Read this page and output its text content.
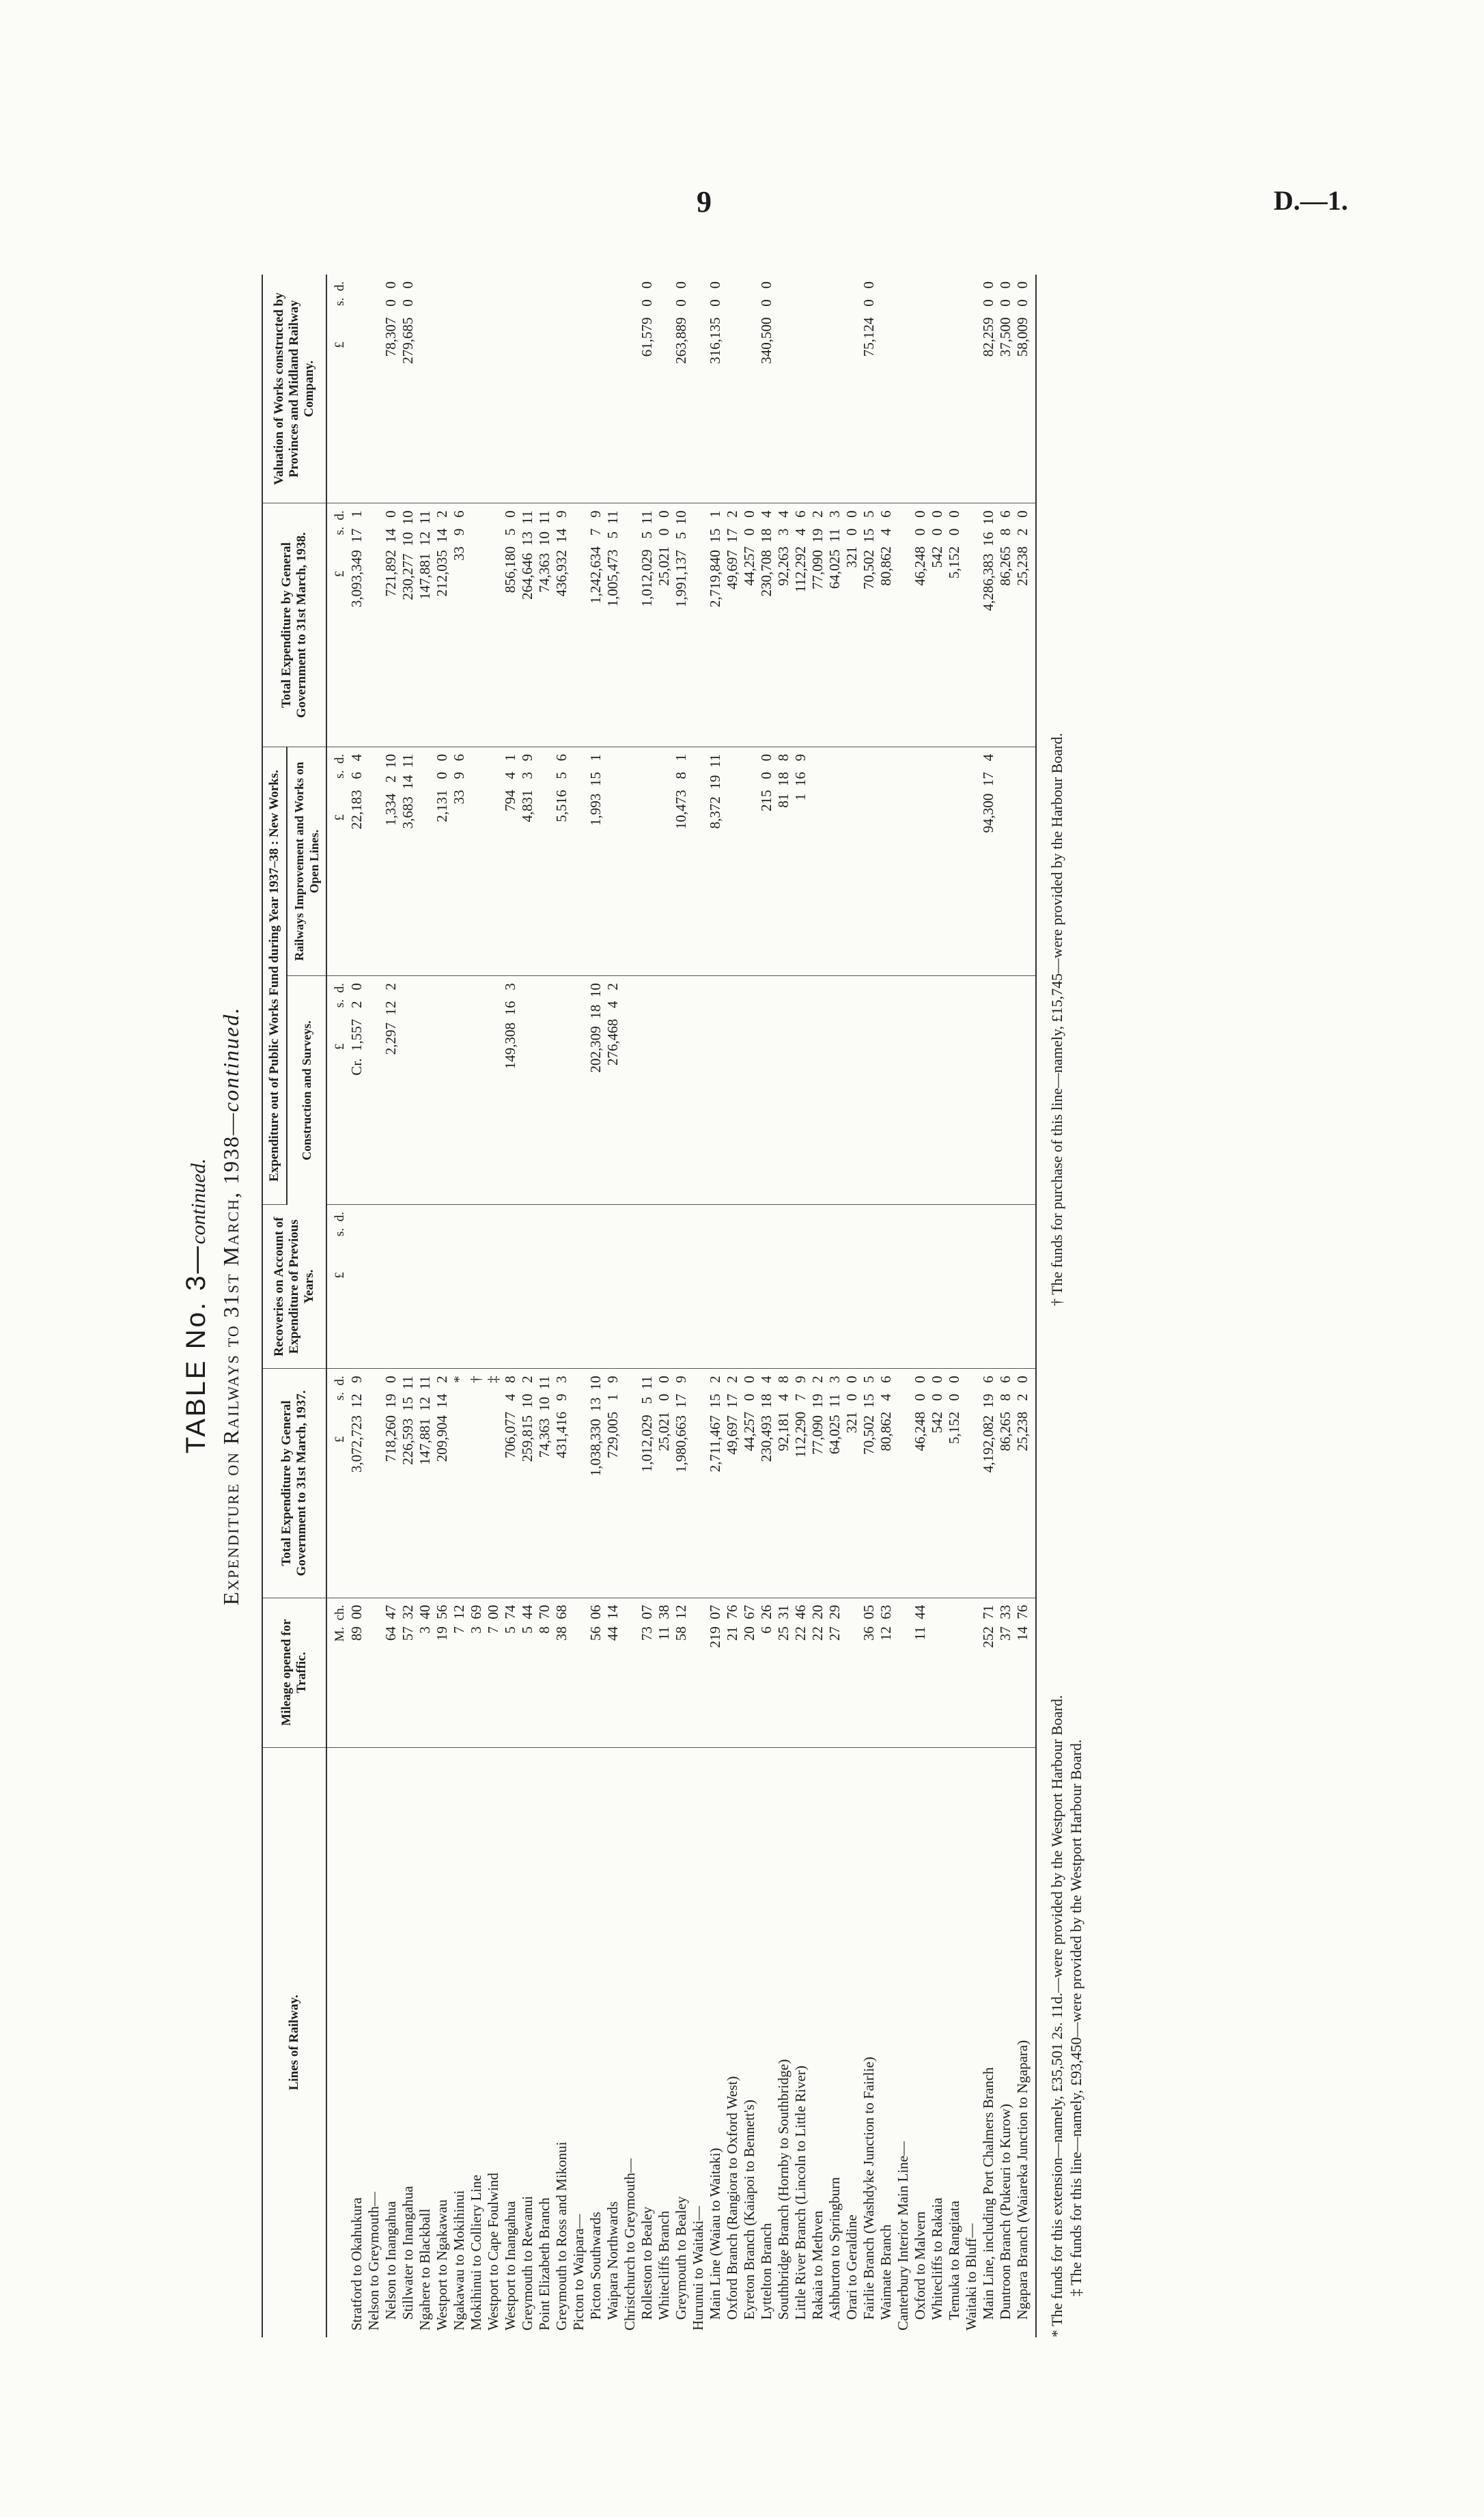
9	D.—1.
TABLE No. 3—continued. Expenditure on Railways to 31st March, 1938—continued.
Lines of Railway.	Mileage opened for Traffic.	Total Expenditure by General Government to 31st March, 1937.	Recoveries on Account of Expenditure of Previous Years.	Expenditure out of Public Works Fund during Year 1937–38 : New Works.		Total Expenditure by General Government to 31st March, 1938.	Valuation of Works constructed by Provinces and Midland Railway Company.
				Construction and Surveys.	Railways Improvement and Works on Open Lines.		
	M.  ch.	£           s.  d.	£           s.  d.	£           s.  d.	£           s.  d.	£           s.  d.	£           s.  d.
Stratford to Okahukura	89  00	3,072,723  12   9		Cr.  1,557   2   0	22,183   6   4	3,093,349  17   1	
Nelson to Greymouth—							
Nelson to Inangahua	64  47	718,260  19   0		2,297  12   2	1,334   2  10	721,892  14   0	78,307   0   0
Stillwater to Inangahua	57  32	226,593  15  11			3,683  14  11	230,277  10  10	279,685   0   0
Ngahere to Blackball	3  40	147,881  12  11				147,881  12  11	
Westport to Ngakawau	19  56	209,904  14   2			2,131   0   0	212,035  14   2	
Ngakawau to Mokihinui	7  12	*			33   9   6	33   9   6	
Mokihinui to Colliery Line	3  69	†					
Westport to Cape Foulwind	7  00	‡					
Westport to Inangahua	5  74	706,077   4   8		149,308  16   3	794   4   1	856,180   5   0	
Greymouth to Rewanui	5  44	259,815  10   2			4,831   3   9	264,646  13  11	
Point Elizabeth Branch	8  70	74,363  10  11				74,363  10  11	
Greymouth to Ross and Mikonui	38  68	431,416   9   3			5,516   5   6	436,932  14   9	
Picton to Waipara—							
Picton Southwards	56  06	1,038,330  13  10		202,309  18  10	1,993  15   1	1,242,634   7   9	
Waipara Northwards	44  14	729,005   1   9		276,468   4   2		1,005,473   5  11	
Christchurch to Greymouth—							
Rolleston to Bealey	73  07	1,012,029   5  11				1,012,029   5  11	61,579   0   0
Whitecliffs Branch	11  38	25,021   0   0				25,021   0   0	
Greymouth to Bealey	58  12	1,980,663  17   9			10,473   8   1	1,991,137   5  10	263,889   0   0
Hurunui to Waitaki—							
Main Line (Waiau to Waitaki)	219  07	2,711,467  15   2			8,372  19  11	2,719,840  15   1	316,135   0   0
Oxford Branch (Rangiora to Oxford West)	21  76	49,697  17   2				49,697  17   2	
Eyreton Branch (Kaiapoi to Bennett's)	20  67	44,257   0   0				44,257   0   0	
Lyttelton Branch	6  26	230,493  18   4			215   0   0	230,708  18   4	340,500   0   0
Southbridge Branch (Hornby to Southbridge)	25  31	92,181   4   8			81  18   8	92,263   3   4	
Little River Branch (Lincoln to Little River)	22  46	112,290   7   9			1  16   9	112,292   4   6	
Rakaia to Methven	22  20	77,090  19   2				77,090  19   2	
Ashburton to Springburn	27  29	64,025  11   3				64,025  11   3	
Orari to Geraldine		321   0   0				321   0   0	
Fairlie Branch (Washdyke Junction to Fairlie)	36  05	70,502  15   5				70,502  15   5	75,124   0   0
Waimate Branch	12  63	80,862   4   6				80,862   4   6	
Canterbury Interior Main Line—							
Oxford to Malvern	11  44	46,248   0   0				46,248   0   0	
Whitecliffs to Rakaia		542   0   0				542   0   0	
Temuka to Rangitata		5,152   0   0				5,152   0   0	
Waitaki to Bluff—							
Main Line, including Port Chalmers Branch	252  71	4,192,082  19   6			94,300  17   4	4,286,383  16  10	82,259   0   0
Duntroon Branch (Pukeuri to Kurow)	37  33	86,265   8   6				86,265   8   6	37,500   0   0
Ngapara Branch (Waiareka Junction to Ngapara)	14  76	25,238   2   0				25,238   2   0	58,009   0   0
* The funds for this extension—namely, £35,501 2s. 11d.—were provided by the Westport Harbour Board.
† The funds for purchase of this line—namely, £15,745—were provided by the Harbour Board.
‡ The funds for this line—namely, £93,450—were provided by the Westport Harbour Board.
